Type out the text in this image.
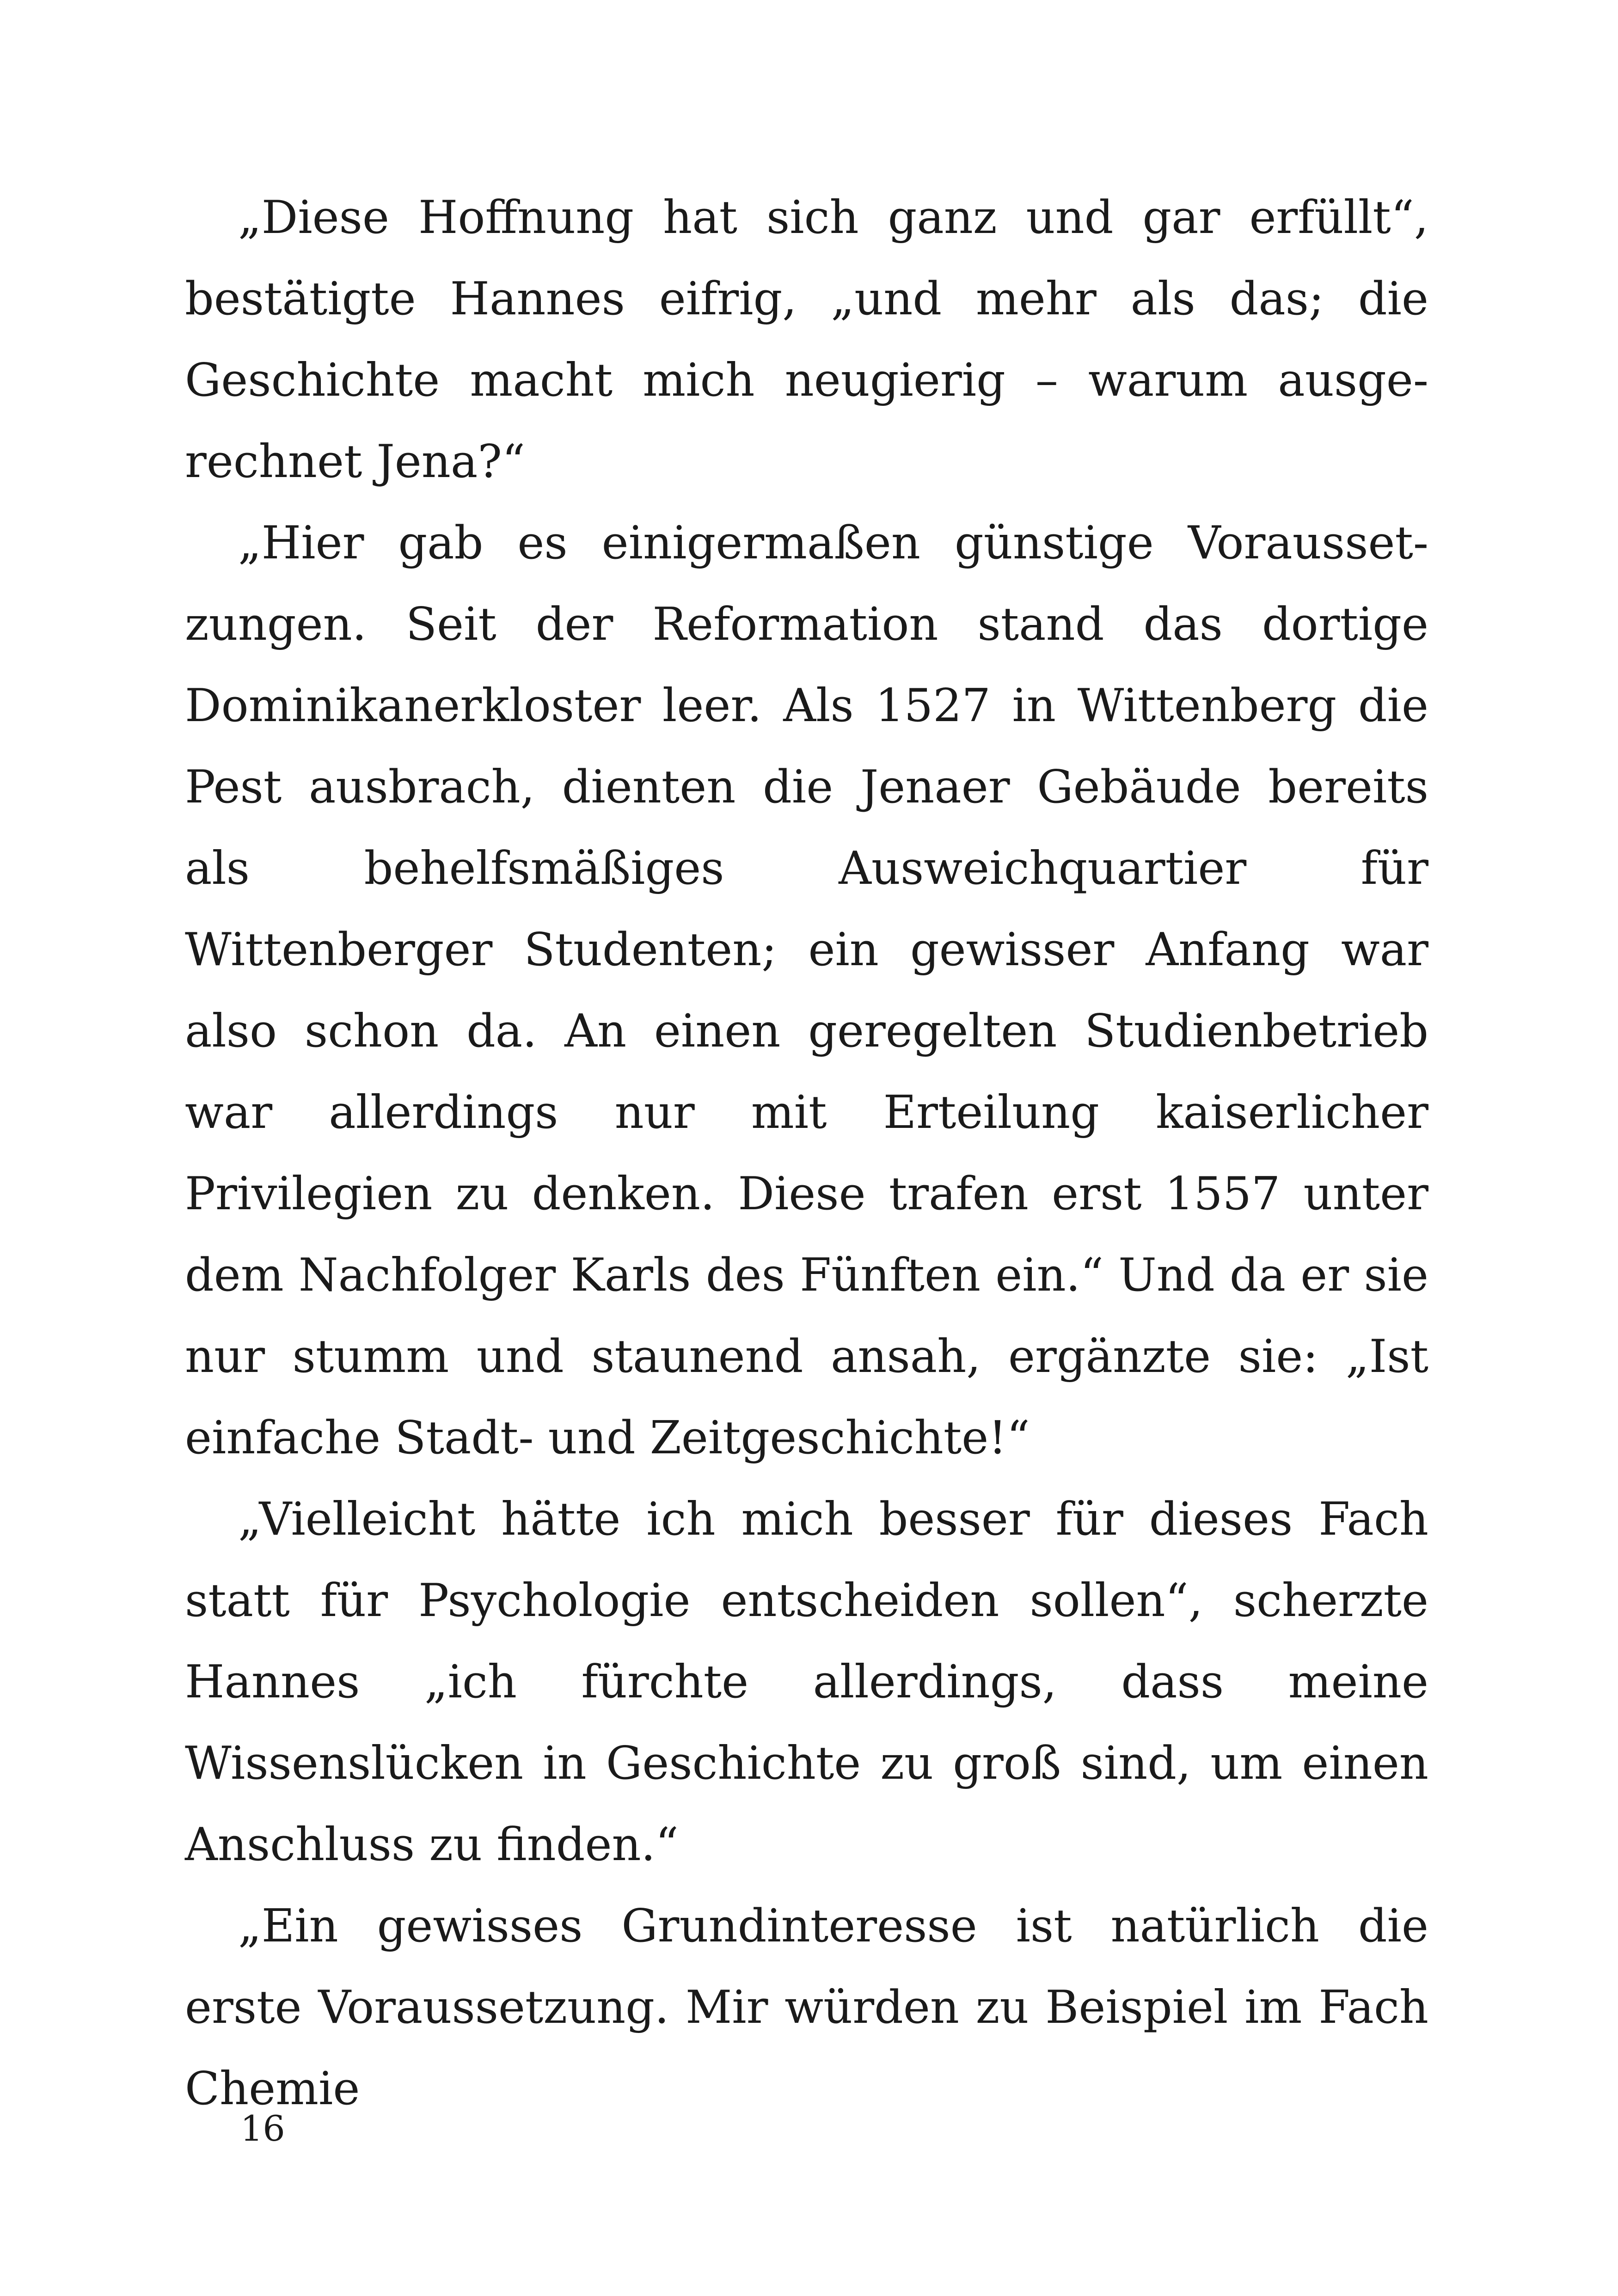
„Diese Hoffnung hat sich ganz und gar erfüllt“, bestätigte Hannes eifrig, „und mehr als das; die Geschichte macht mich neugierig – warum ausgerechnet Jena?“

„Hier gab es einigermaßen günstige Voraussetzungen. Seit der Reformation stand das dortige Dominikanerkloster leer. Als 1527 in Wittenberg die Pest ausbrach, dienten die Jenaer Gebäude bereits als behelfsmäßiges Ausweichquartier für Wittenberger Studenten; ein gewisser Anfang war also schon da. An einen geregelten Studienbetrieb war allerdings nur mit Erteilung kaiserlicher Privilegien zu denken. Diese trafen erst 1557 unter dem Nachfolger Karls des Fünften ein.“ Und da er sie nur stumm und staunend ansah, ergänzte sie: „Ist einfache Stadt- und Zeitgeschichte!“

„Vielleicht hätte ich mich besser für dieses Fach statt für Psychologie entscheiden sollen“, scherzte Hannes „ich fürchte allerdings, dass meine Wissenslücken in Geschichte zu groß sind, um einen Anschluss zu finden.“

„Ein gewisses Grundinteresse ist natürlich die erste Voraussetzung. Mir würden zu Beispiel im Fach Chemie

16
